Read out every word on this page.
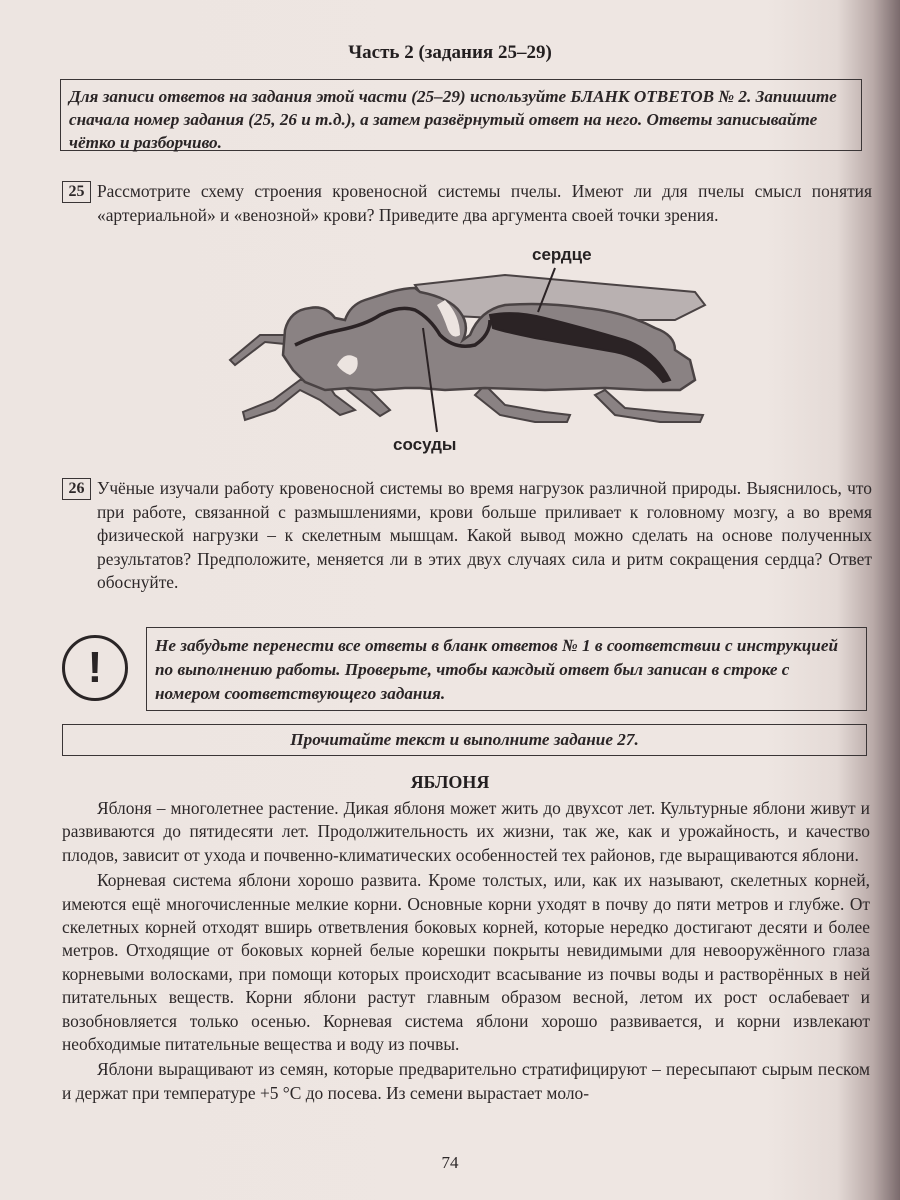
Часть 2 (задания 25–29)
Для записи ответов на задания этой части (25–29) используйте БЛАНК ОТВЕТОВ № 2. Запишите сначала номер задания (25, 26 и т.д.), а затем развёрнутый ответ на него. Ответы записывайте чётко и разборчиво.
25 Рассмотрите схему строения кровеносной системы пчелы. Имеют ли для пчелы смысл понятия «артериальной» и «венозной» крови? Приведите два аргумента своей точки зрения.
сердце
сосуды
26 Учёные изучали работу кровеносной системы во время нагрузок различной природы. Выяснилось, что при работе, связанной с размышлениями, крови больше приливает к головному мозгу, а во время физической нагрузки – к скелетным мышцам. Какой вывод можно сделать на основе полученных результатов? Предположите, меняется ли в этих двух случаях сила и ритм сокращения сердца? Ответ обоснуйте.
!	Не забудьте перенести все ответы в бланк ответов № 1 в соответствии с инструкцией по выполнению работы. Проверьте, чтобы каждый ответ был записан в строке с номером соответствующего задания.
Прочитайте текст и выполните задание 27.
ЯБЛОНЯ

Яблоня – многолетнее растение. Дикая яблоня может жить до двухсот лет. Культурные яблони живут и развиваются до пятидесяти лет. Продолжительность их жизни, так же, как и урожайность, и качество плодов, зависит от ухода и почвенно-климатических особенностей тех районов, где выращиваются яблони.

Корневая система яблони хорошо развита. Кроме толстых, или, как их называют, скелетных корней, имеются ещё многочисленные мелкие корни. Основные корни уходят в почву до пяти метров и глубже. От скелетных корней отходят вширь ответвления боковых корней, которые нередко достигают десяти и более метров. Отходящие от боковых корней белые корешки покрыты невидимыми для невооружённого глаза корневыми волосками, при помощи которых происходит всасывание из почвы воды и растворённых в ней питательных веществ. Корни яблони растут главным образом весной, летом их рост ослабевает и возобновляется только осенью. Корневая система яблони хорошо развивается, и корни извлекают необходимые питательные вещества и воду из почвы.

Яблони выращивают из семян, которые предварительно стратифицируют – пересыпают сырым песком и держат при температуре +5 °С до посева. Из семени вырастает моло-

74
